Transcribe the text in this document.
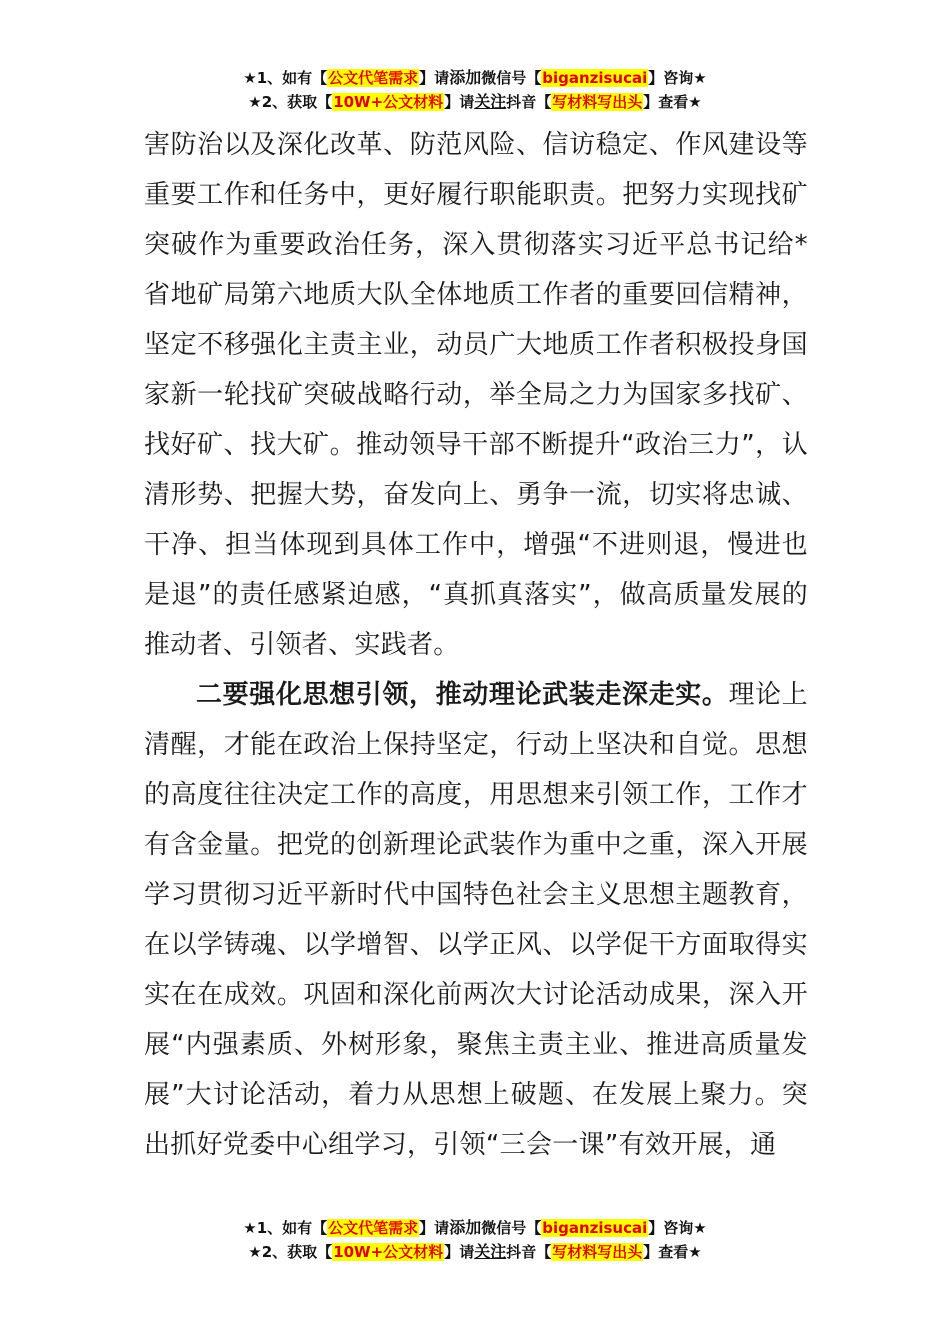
★1、如有【公文代笔需求】请添加微信号【biganzisucai】咨询★
★2、获取【10W+公文材料】请关注抖音【写材料写出头】查看★

害防治以及深化改革、防范风险、信访稳定、作风建设等重要工作和任务中，更好履行职能职责。把努力实现找矿突破作为重要政治任务，深入贯彻落实习近平总书记给*省地矿局第六地质大队全体地质工作者的重要回信精神，坚定不移强化主责主业，动员广大地质工作者积极投身国家新一轮找矿突破战略行动，举全局之力为国家多找矿、找好矿、找大矿。推动领导干部不断提升“政治三力”，认清形势、把握大势，奋发向上、勇争一流，切实将忠诚、干净、担当体现到具体工作中，增强“不进则退，慢进也是退”的责任感紧迫感，“真抓真落实”，做高质量发展的推动者、引领者、实践者。

二要强化思想引领，推动理论武装走深走实。理论上清醒，才能在政治上保持坚定，行动上坚决和自觉。思想的高度往往决定工作的高度，用思想来引领工作，工作才有含金量。把党的创新理论武装作为重中之重，深入开展学习贯彻习近平新时代中国特色社会主义思想主题教育，在以学铸魂、以学增智、以学正风、以学促干方面取得实实在在成效。巩固和深化前两次大讨论活动成果，深入开展“内强素质、外树形象，聚焦主责主业、推进高质量发展”大讨论活动，着力从思想上破题、在发展上聚力。突出抓好党委中心组学习，引领“三会一课”有效开展，通

★1、如有【公文代笔需求】请添加微信号【biganzisucai】咨询★
★2、获取【10W+公文材料】请关注抖音【写材料写出头】查看★
